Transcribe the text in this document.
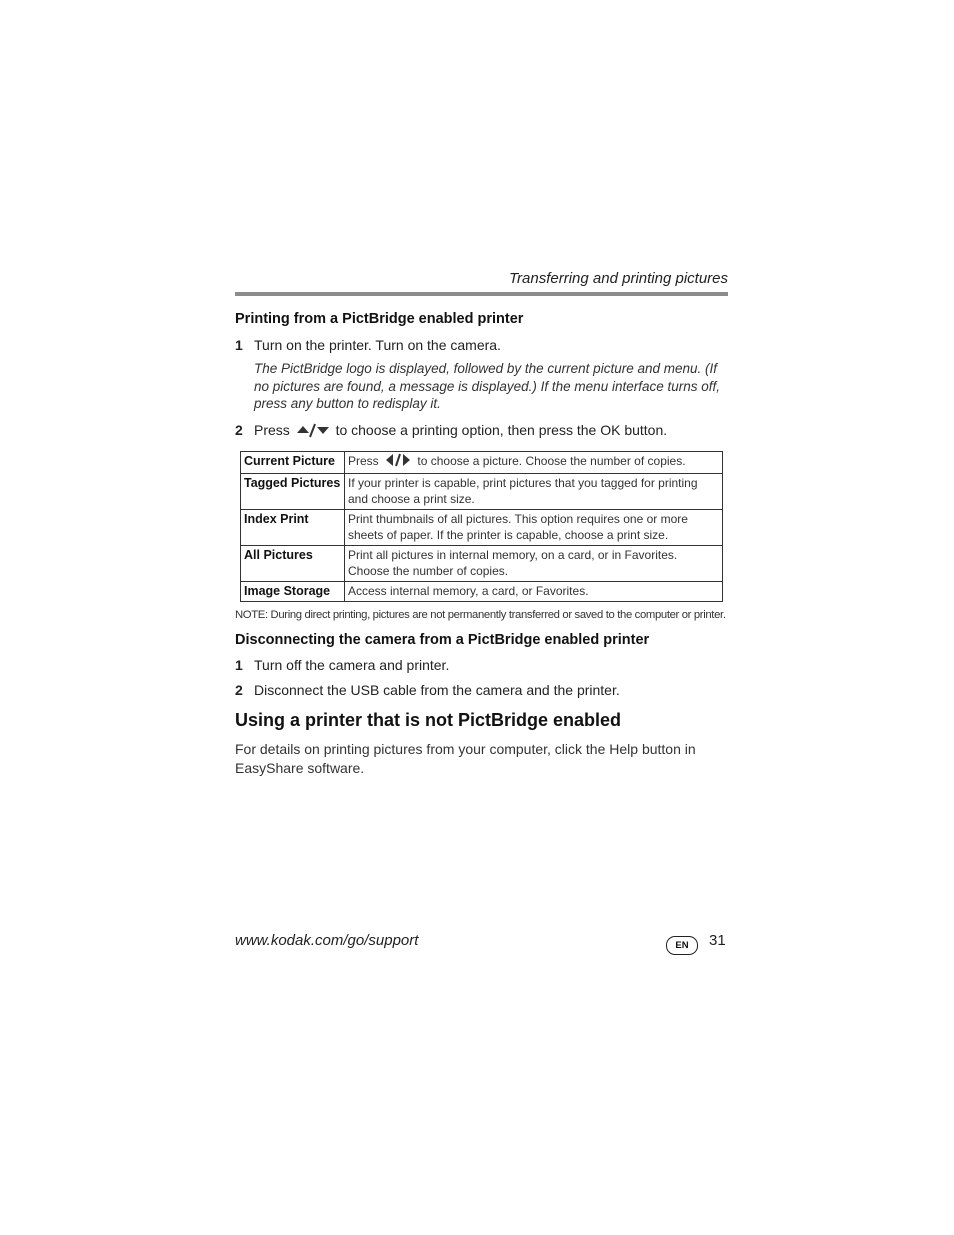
Transferring and printing pictures
Printing from a PictBridge enabled printer
1 Turn on the printer. Turn on the camera.
The PictBridge logo is displayed, followed by the current picture and menu. (If no pictures are found, a message is displayed.) If the menu interface turns off, press any button to redisplay it.
2 Press	to choose a printing option, then press the OK button.
Current Picture	Press to choose a picture. Choose the number of copies.
Tagged Pictures	If your printer is capable, print pictures that you tagged for printing and choose a print size.
Index Print	Print thumbnails of all pictures. This option requires one or more sheets of paper. If the printer is capable, choose a print size.
All Pictures	Print all pictures in internal memory, on a card, or in Favorites. Choose the number of copies.
Image Storage	Access internal memory, a card, or Favorites.
NOTE: During direct printing, pictures are not permanently transferred or saved to the computer or printer.
Disconnecting the camera from a PictBridge enabled printer
1 Turn off the camera and printer.
2 Disconnect the USB cable from the camera and the printer.
Using a printer that is not PictBridge enabled
For details on printing pictures from your computer, click the Help button in EasyShare software.
www.kodak.com/go/support	EN	31
